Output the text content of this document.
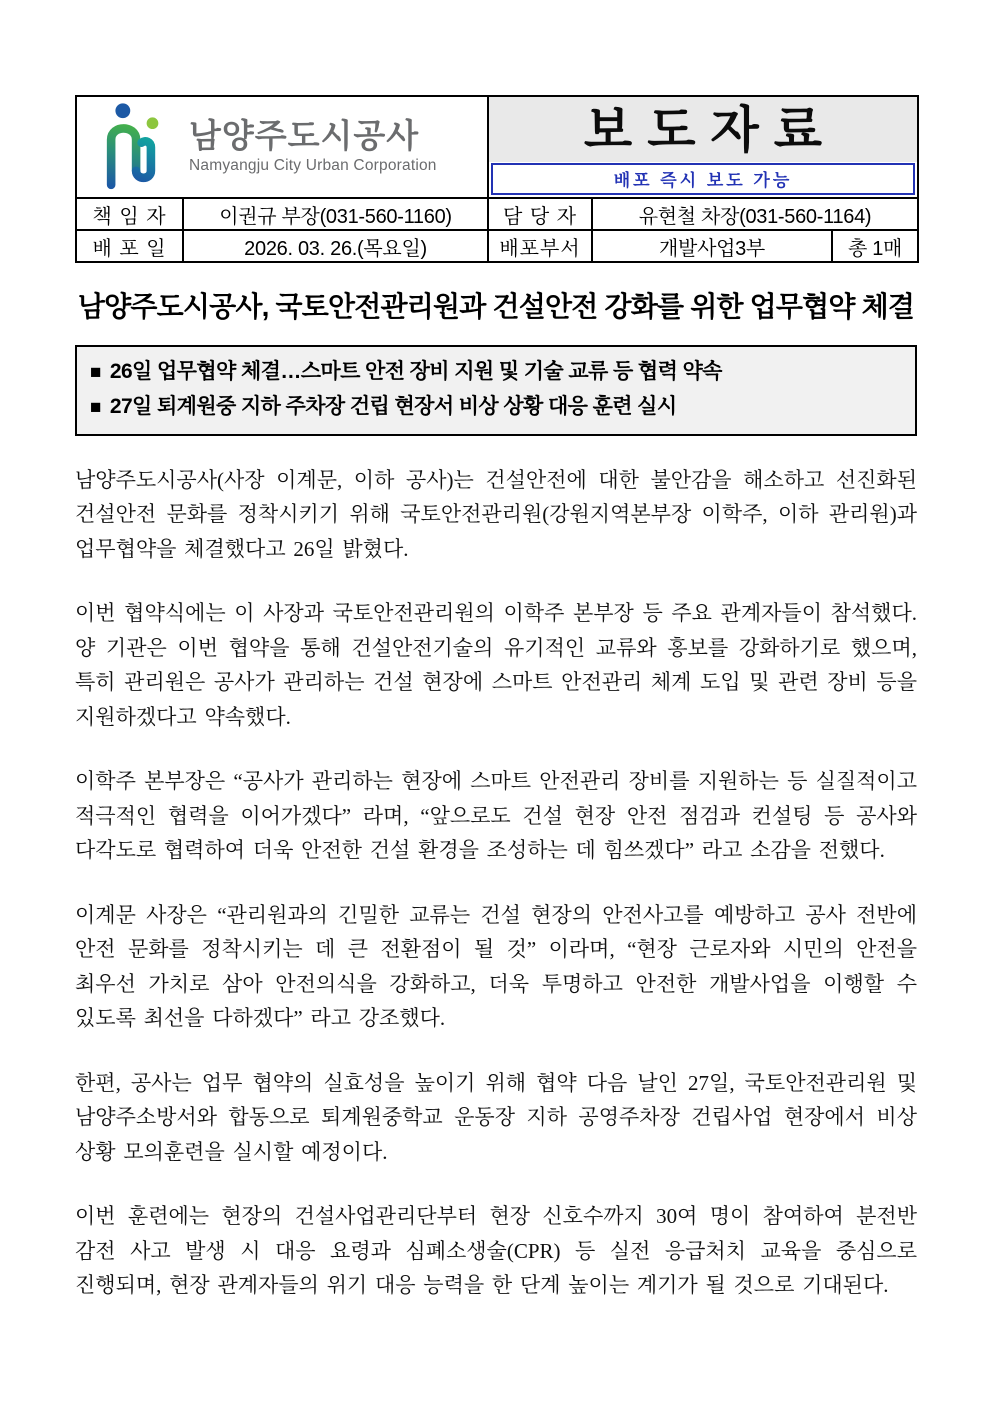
남양주도시공사
Namyangju City Urban Corporation

보도자료
배포 즉시 보도 가능

책 임 자	이권규 부장(031-560-1160)	담 당 자	유현철 차장(031-560-1164)	
배 포 일	2026. 03. 26.(목요일)	배포부서	개발사업3부	총 1매
남양주도시공사, 국토안전관리원과 건설안전 강화를 위한 업무협약 체결
■ 26일 업무협약 체결…스마트 안전 장비 지원 및 기술 교류 등 협력 약속
■ 27일 퇴계원중 지하 주차장 건립 현장서 비상 상황 대응 훈련 실시

남양주도시공사(사장 이계문, 이하 공사)는 건설안전에 대한 불안감을 해소하고 선진화된 건설안전 문화를 정착시키기 위해 국토안전관리원(강원지역본부장 이학주, 이하 관리원)과 업무협약을 체결했다고 26일 밝혔다.

이번 협약식에는 이 사장과 국토안전관리원의 이학주 본부장 등 주요 관계자들이 참석했다. 양 기관은 이번 협약을 통해 건설안전기술의 유기적인 교류와 홍보를 강화하기로 했으며, 특히 관리원은 공사가 관리하는 건설 현장에 스마트 안전관리 체계 도입 및 관련 장비 등을 지원하겠다고 약속했다.

이학주 본부장은 “공사가 관리하는 현장에 스마트 안전관리 장비를 지원하는 등 실질적이고 적극적인 협력을 이어가겠다” 라며, “앞으로도 건설 현장 안전 점검과 컨설팅 등 공사와 다각도로 협력하여 더욱 안전한 건설 환경을 조성하는 데 힘쓰겠다” 라고 소감을 전했다.

이계문 사장은 “관리원과의 긴밀한 교류는 건설 현장의 안전사고를 예방하고 공사 전반에 안전 문화를 정착시키는 데 큰 전환점이 될 것” 이라며, “현장 근로자와 시민의 안전을 최우선 가치로 삼아 안전의식을 강화하고, 더욱 투명하고 안전한 개발사업을 이행할 수 있도록 최선을 다하겠다” 라고 강조했다.

한편, 공사는 업무 협약의 실효성을 높이기 위해 협약 다음 날인 27일, 국토안전관리원 및 남양주소방서와 합동으로 퇴계원중학교 운동장 지하 공영주차장 건립사업 현장에서 비상 상황 모의훈련을 실시할 예정이다.

이번 훈련에는 현장의 건설사업관리단부터 현장 신호수까지 30여 명이 참여하여 분전반 감전 사고 발생 시 대응 요령과 심폐소생술(CPR) 등 실전 응급처치 교육을 중심으로 진행되며, 현장 관계자들의 위기 대응 능력을 한 단계 높이는 계기가 될 것으로 기대된다.
